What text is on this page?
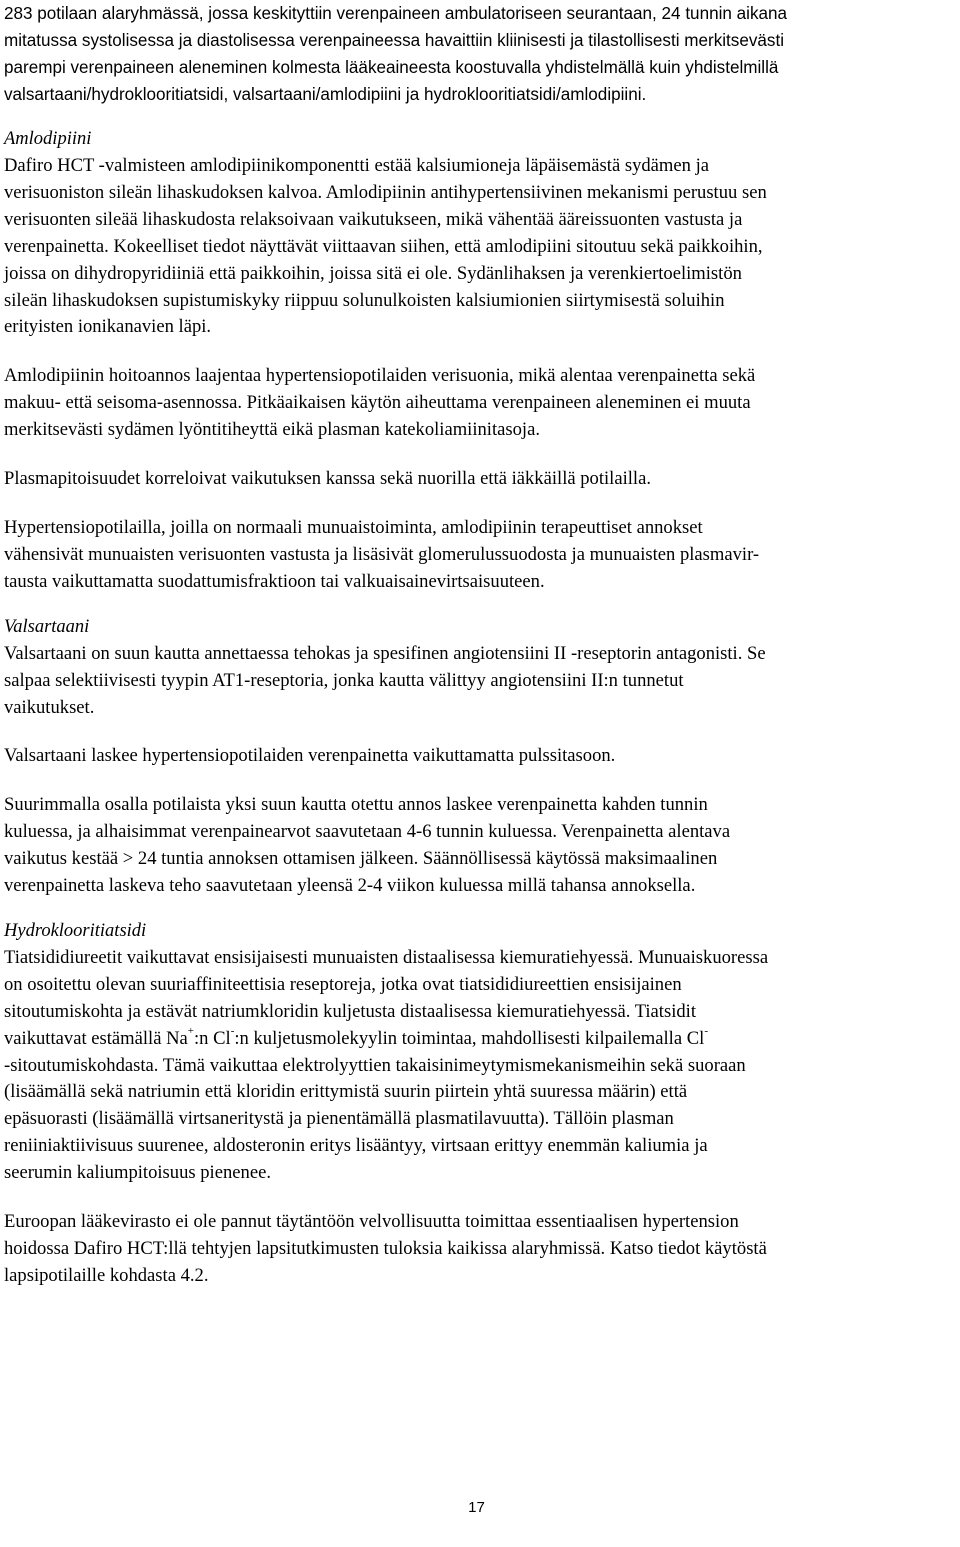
283 potilaan alaryhmässä, jossa keskityttiin verenpaineen ambulatoriseen seurantaan, 24 tunnin aikana
mitatussa systolisessa ja diastolisessa verenpaineessa havaittiin kliinisesti ja tilastollisesti merkitsevästi
parempi verenpaineen aleneminen kolmesta lääkeaineesta koostuvalla yhdistelmällä kuin yhdistelmillä
valsartaani/hydroklooritiatsidi, valsartaani/amlodipiini ja hydroklooritiatsidi/amlodipiini.
Amlodipiini

Dafiro HCT -valmisteen amlodipiinikomponentti estää kalsiumioneja läpäisemästä sydämen ja
verisuoniston sileän lihaskudoksen kalvoa. Amlodipiinin antihypertensiivinen mekanismi perustuu sen
verisuonten sileää lihaskudosta relaksoivaan vaikutukseen, mikä vähentää ääreissuonten vastusta ja
verenpainetta. Kokeelliset tiedot näyttävät viittaavan siihen, että amlodipiini sitoutuu sekä paikkoihin,
joissa on dihydropyridiiniä että paikkoihin, joissa sitä ei ole. Sydänlihaksen ja verenkiertoelimistön
sileän lihaskudoksen supistumiskyky riippuu solunulkoisten kalsiumionien siirtymisestä soluihin
erityisten ionikanavien läpi.

Amlodipiinin hoitoannos laajentaa hypertensiopotilaiden verisuonia, mikä alentaa verenpainetta sekä
makuu- että seisoma-asennossa. Pitkäaikaisen käytön aiheuttama verenpaineen aleneminen ei muuta
merkitsevästi sydämen lyöntitiheyttä eikä plasman katekoliamiinitasoja.

Plasmapitoisuudet korreloivat vaikutuksen kanssa sekä nuorilla että iäkkäillä potilailla.

Hypertensiopotilailla, joilla on normaali munuaistoiminta, amlodipiinin terapeuttiset annokset
vähensivät munuaisten verisuonten vastusta ja lisäsivät glomerulussuodosta ja munuaisten plasmavir-
tausta vaikuttamatta suodattumisfraktioon tai valkuaisainevirtsaisuuteen.

Valsartaani

Valsartaani on suun kautta annettaessa tehokas ja spesifinen angiotensiini II -reseptorin antagonisti. Se
salpaa selektiivisesti tyypin AT1-reseptoria, jonka kautta välittyy angiotensiini II:n tunnetut
vaikutukset.

Valsartaani laskee hypertensiopotilaiden verenpainetta vaikuttamatta pulssitasoon.

Suurimmalla osalla potilaista yksi suun kautta otettu annos laskee verenpainetta kahden tunnin
kuluessa, ja alhaisimmat verenpainearvot saavutetaan 4-6 tunnin kuluessa. Verenpainetta alentava
vaikutus kestää > 24 tuntia annoksen ottamisen jälkeen. Säännöllisessä käytössä maksimaalinen
verenpainetta laskeva teho saavutetaan yleensä 2-4 viikon kuluessa millä tahansa annoksella.

Hydroklooritiatsidi

Tiatsididiureetit vaikuttavat ensisijaisesti munuaisten distaalisessa kiemuratiehyessä. Munuaiskuoressa
on osoitettu olevan suuriaffiniteettisia reseptoreja, jotka ovat tiatsididiureettien ensisijainen
sitoutumiskohta ja estävät natriumkloridin kuljetusta distaalisessa kiemuratiehyessä. Tiatsidit
vaikuttavat estämällä Na+:n Cl-:n kuljetusmolekyylin toimintaa, mahdollisesti kilpailemalla Cl-
-sitoutumiskohdasta. Tämä vaikuttaa elektrolyyttien takaisinimeytymismekanismeihin sekä suoraan
(lisäämällä sekä natriumin että kloridin erittymistä suurin piirtein yhtä suuressa määrin) että
epäsuorasti (lisäämällä virtsaneritystä ja pienentämällä plasmatilavuutta). Tällöin plasman
reniiniaktiivisuus suurenee, aldosteronin eritys lisääntyy, virtsaan erittyy enemmän kaliumia ja
seerumin kaliumpitoisuus pienenee.

Euroopan lääkevirasto ei ole pannut täytäntöön velvollisuutta toimittaa essentiaalisen hypertension
hoidossa Dafiro HCT:llä tehtyjen lapsitutkimusten tuloksia kaikissa alaryhmissä. Katso tiedot käytöstä
lapsipotilaille kohdasta 4.2.

17
